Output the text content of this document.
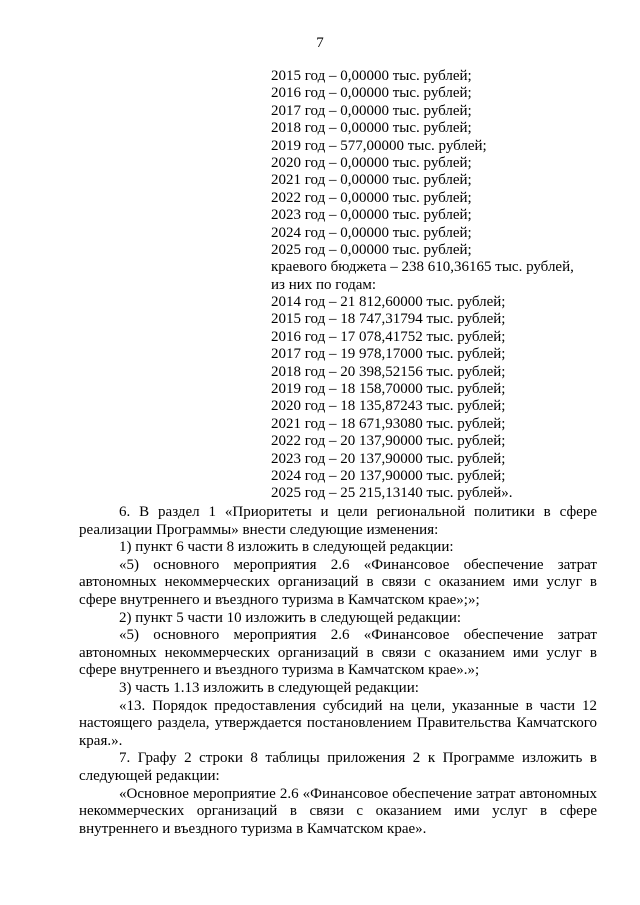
7
2015 год – 0,00000 тыс. рублей;
2016 год – 0,00000 тыс. рублей;
2017 год – 0,00000 тыс. рублей;
2018 год – 0,00000 тыс. рублей;
2019 год – 577,00000 тыс. рублей;
2020 год – 0,00000 тыс. рублей;
2021 год – 0,00000 тыс. рублей;
2022 год – 0,00000 тыс. рублей;
2023 год – 0,00000 тыс. рублей;
2024 год – 0,00000 тыс. рублей;
2025 год – 0,00000 тыс. рублей;
краевого бюджета – 238 610,36165 тыс. рублей,
из них по годам:
2014 год – 21 812,60000 тыс. рублей;
2015 год – 18 747,31794 тыс. рублей;
2016 год – 17 078,41752 тыс. рублей;
2017 год – 19 978,17000 тыс. рублей;
2018 год – 20 398,52156 тыс. рублей;
2019 год – 18 158,70000 тыс. рублей;
2020 год – 18 135,87243 тыс. рублей;
2021 год – 18 671,93080 тыс. рублей;
2022 год – 20 137,90000 тыс. рублей;
2023 год – 20 137,90000 тыс. рублей;
2024 год – 20 137,90000 тыс. рублей;
2025 год – 25 215,13140 тыс. рублей».

6. В раздел 1 «Приоритеты и цели региональной политики в сфере реализации Программы» внести следующие изменения:

1) пункт 6 части 8 изложить в следующей редакции:

«5) основного мероприятия 2.6 «Финансовое обеспечение затрат автономных некоммерческих организаций в связи с оказанием ими услуг в сфере внутреннего и въездного туризма в Камчатском крае»;»;

2) пункт 5 части 10 изложить в следующей редакции:

«5) основного мероприятия 2.6 «Финансовое обеспечение затрат автономных некоммерческих организаций в связи с оказанием ими услуг в сфере внутреннего и въездного туризма в Камчатском крае».»;

3) часть 1.13 изложить в следующей редакции:

«13. Порядок предоставления субсидий на цели, указанные в части 12 настоящего раздела, утверждается постановлением Правительства Камчатского края.».

7. Графу 2 строки 8 таблицы приложения 2 к Программе изложить в следующей редакции:

«Основное мероприятие 2.6 «Финансовое обеспечение затрат автономных некоммерческих организаций в связи с оказанием ими услуг в сфере внутреннего и въездного туризма в Камчатском крае».
